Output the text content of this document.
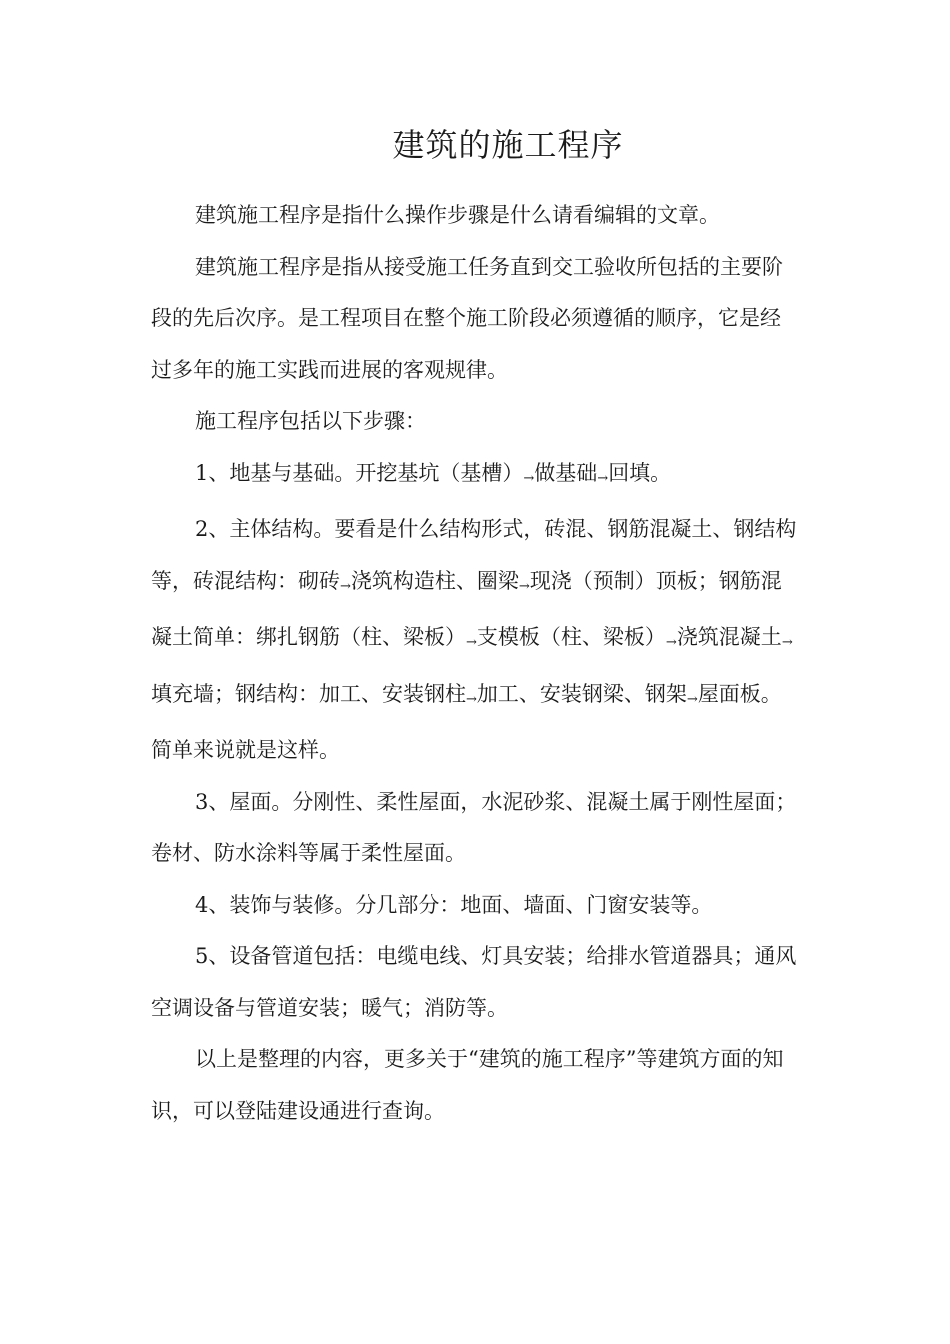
建筑的施工程序

建筑施工程序是指什么操作步骤是什么请看编辑的文章。

建筑施工程序是指从接受施工任务直到交工验收所包括的主要阶段的先后次序。是工程项目在整个施工阶段必须遵循的顺序，它是经过多年的施工实践而进展的客观规律。

施工程序包括以下步骤：

1、地基与基础。开挖基坑（基槽）→做基础→回填。

2、主体结构。要看是什么结构形式，砖混、钢筋混凝土、钢结构等，砖混结构：砌砖→浇筑构造柱、圈梁→现浇（预制）顶板；钢筋混凝土简单：绑扎钢筋（柱、梁板）→支模板（柱、梁板）→浇筑混凝土→填充墙；钢结构：加工、安装钢柱→加工、安装钢梁、钢架→屋面板。简单来说就是这样。

3、屋面。分刚性、柔性屋面，水泥砂浆、混凝土属于刚性屋面；卷材、防水涂料等属于柔性屋面。

4、装饰与装修。分几部分：地面、墙面、门窗安装等。

5、设备管道包括：电缆电线、灯具安装；给排水管道器具；通风空调设备与管道安装；暖气；消防等。

以上是整理的内容，更多关于“建筑的施工程序”等建筑方面的知识，可以登陆建设通进行查询。
